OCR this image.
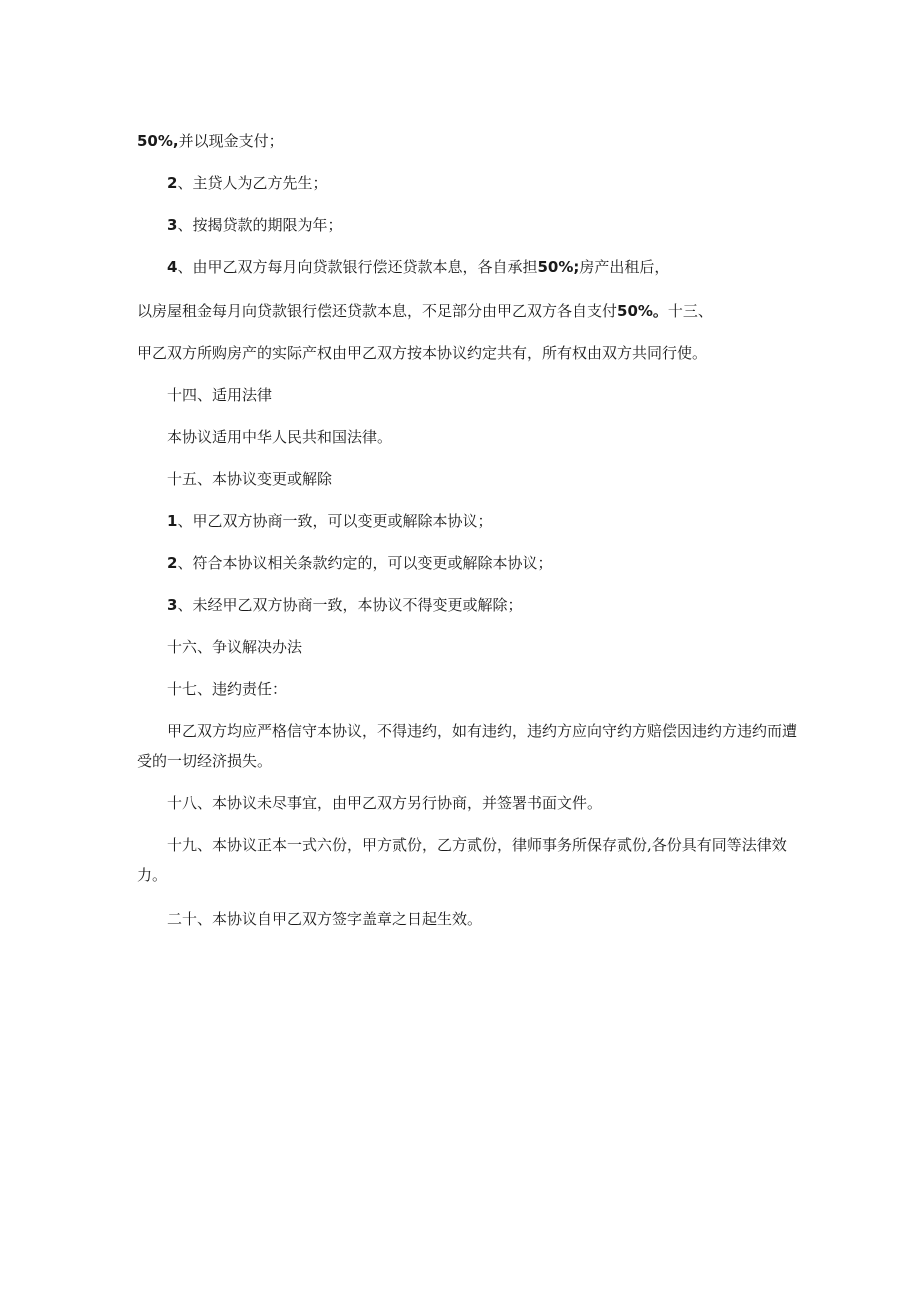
50%,并以现金支付；

2、主贷人为乙方先生；

3、按揭贷款的期限为年；

4、由甲乙双方每月向贷款银行偿还贷款本息，各自承担50%;房产出租后，

以房屋租金每月向贷款银行偿还贷款本息，不足部分由甲乙双方各自支付50%。十三、

甲乙双方所购房产的实际产权由甲乙双方按本协议约定共有，所有权由双方共同行使。

十四、适用法律

本协议适用中华人民共和国法律。

十五、本协议变更或解除

1、甲乙双方协商一致，可以变更或解除本协议；

2、符合本协议相关条款约定的，可以变更或解除本协议；

3、未经甲乙双方协商一致，本协议不得变更或解除；

十六、争议解决办法

十七、违约责任：

甲乙双方均应严格信守本协议，不得违约，如有违约，违约方应向守约方赔偿因违约方违约而遭受的一切经济损失。

十八、本协议未尽事宜，由甲乙双方另行协商，并签署书面文件。

十九、本协议正本一式六份，甲方贰份，乙方贰份，律师事务所保存贰份,各份具有同等法律效力。

二十、本协议自甲乙双方签字盖章之日起生效。
